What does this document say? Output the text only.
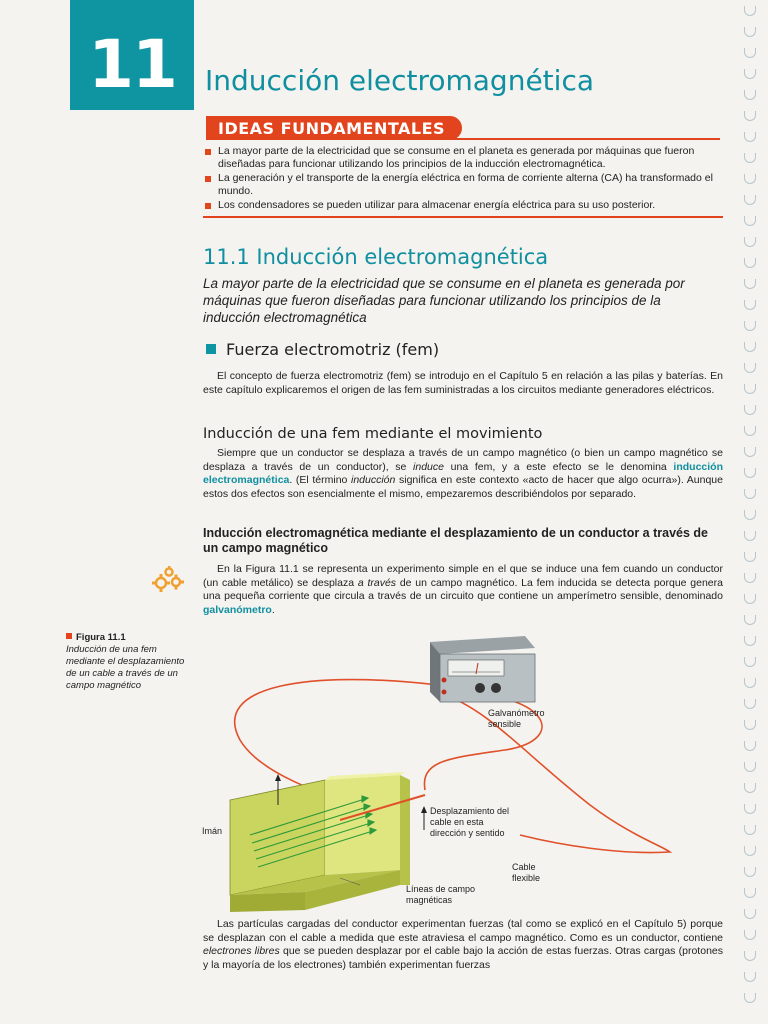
11	Inducción electromagnética
IDEAS FUNDAMENTALES
La mayor parte de la electricidad que se consume en el planeta es generada por máquinas que fueron diseñadas para funcionar utilizando los principios de la inducción electromagnética.
La generación y el transporte de la energía eléctrica en forma de corriente alterna (CA) ha transformado el mundo.
Los condensadores se pueden utilizar para almacenar energía eléctrica para su uso posterior.
11.1 Inducción electromagnética
La mayor parte de la electricidad que se consume en el planeta es generada por máquinas que fueron diseñadas para funcionar utilizando los principios de la inducción electromagnética
Fuerza electromotriz (fem)
El concepto de fuerza electromotriz (fem) se introdujo en el Capítulo 5 en relación a las pilas y baterías. En este capítulo explicaremos el origen de las fem suministradas a los circuitos mediante generadores eléctricos.
Inducción de una fem mediante el movimiento
Siempre que un conductor se desplaza a través de un campo magnético (o bien un campo magnético se desplaza a través de un conductor), se induce una fem, y a este efecto se le denomina inducción electromagnética. (El término inducción significa en este contexto «acto de hacer que algo ocurra»). Aunque estos dos efectos son esencialmente el mismo, empezaremos describiéndolos por separado.
Inducción electromagnética mediante el desplazamiento de un conductor a través de un campo magnético
En la Figura 11.1 se representa un experimento simple en el que se induce una fem cuando un conductor (un cable metálico) se desplaza a través de un campo magnético. La fem inducida se detecta porque genera una pequeña corriente que circula a través de un circuito que contiene un amperímetro sensible, denominado galvanómetro.
Figura 11.1
Inducción de una fem mediante el desplazamiento de un cable a través de un campo magnético
Galvanómetro sensible
Imán
Desplazamiento del cable en esta dirección y sentido
Cable flexible
Líneas de campo magnéticas
Las partículas cargadas del conductor experimentan fuerzas (tal como se explicó en el Capítulo 5) porque se desplazan con el cable a medida que este atraviesa el campo magnético. Como es un conductor, contiene electrones libres que se pueden desplazar por el cable bajo la acción de estas fuerzas. Otras cargas (protones y la mayoría de los electrones) también experimentan fuerzas
